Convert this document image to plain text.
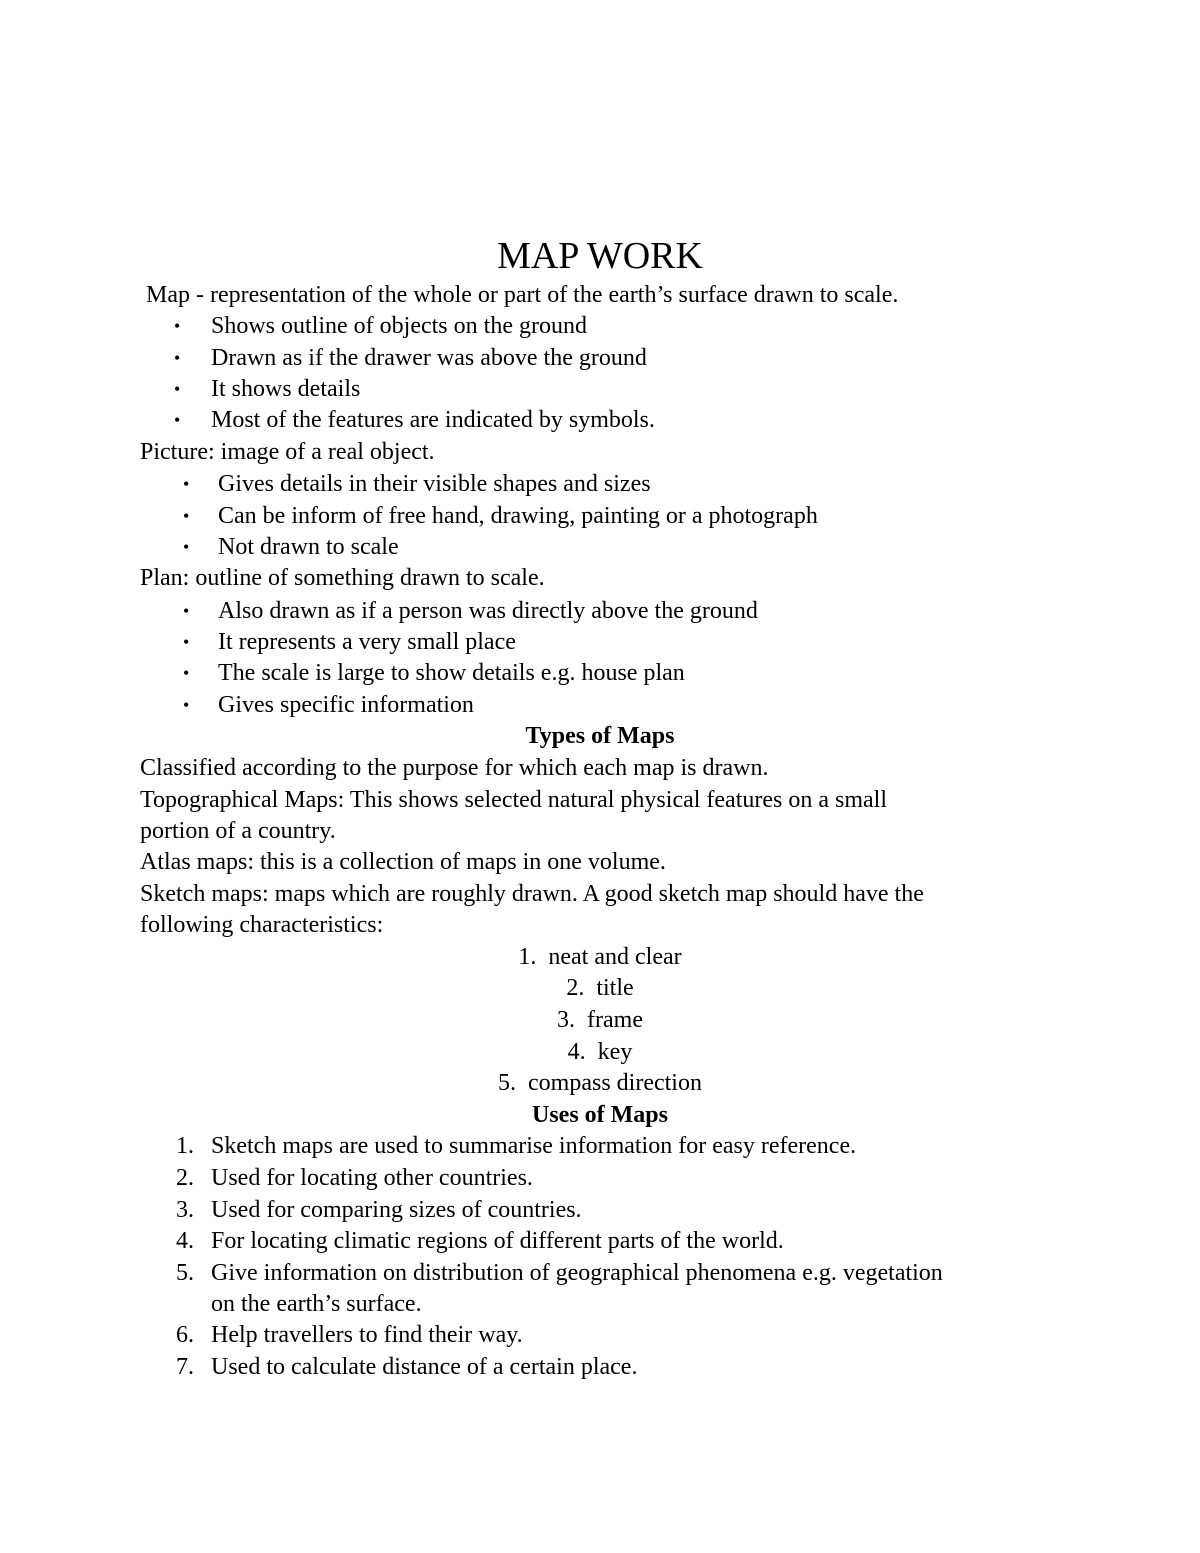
MAP WORK
Map - representation of the whole or part of the earth’s surface drawn to scale.
• Shows outline of objects on the ground
• Drawn as if the drawer was above the ground
• It shows details
• Most of the features are indicated by symbols.
Picture: image of a real object.
• Gives details in their visible shapes and sizes
• Can be inform of free hand, drawing, painting or a photograph
• Not drawn to scale
Plan: outline of something drawn to scale.
• Also drawn as if a person was directly above the ground
• It represents a very small place
• The scale is large to show details e.g. house plan
• Gives specific information
Types of Maps
Classified according to the purpose for which each map is drawn.
Topographical Maps: This shows selected natural physical features on a small
portion of a country.
Atlas maps: this is a collection of maps in one volume.
Sketch maps: maps which are roughly drawn. A good sketch map should have the
following characteristics:
1. neat and clear
2. title
3. frame
4. key
5. compass direction
Uses of Maps
1. Sketch maps are used to summarise information for easy reference.
2. Used for locating other countries.
3. Used for comparing sizes of countries.
4. For locating climatic regions of different parts of the world.
5. Give information on distribution of geographical phenomena e.g. vegetation
on the earth’s surface.
6. Help travellers to find their way.
7. Used to calculate distance of a certain place.
